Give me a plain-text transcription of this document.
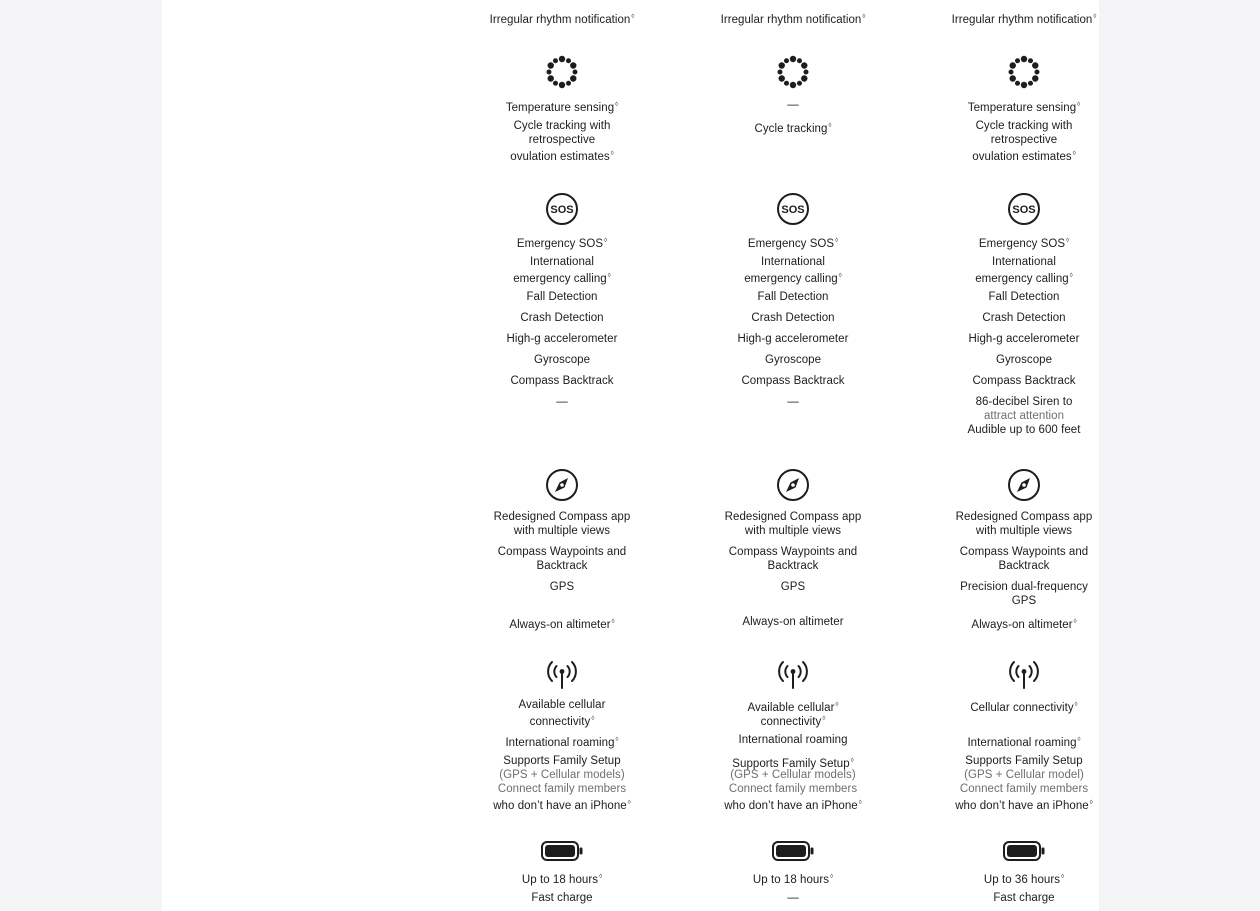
Irregular rhythm notification◊
Temperature sensing◊
Cycle tracking with
retrospective
ovulation estimates◊
Emergency SOS◊
International
emergency calling◊
Fall Detection
Crash Detection
High-g accelerometer
Gyroscope
Compass Backtrack
—
Redesigned Compass app
with multiple views
Compass Waypoints and
Backtrack
GPS
Always-on altimeter◊
Available cellular
connectivity◊
International roaming◊
Supports Family Setup
(GPS + Cellular models)
Connect family members
who don’t have an iPhone◊
Up to 18 hours◊
Fast charge
SOS
Irregular rhythm notification◊
—
Cycle tracking◊
Emergency SOS◊
International
emergency calling◊
Fall Detection
Crash Detection
High-g accelerometer
Gyroscope
Compass Backtrack
—
Redesigned Compass app
with multiple views
Compass Waypoints and
Backtrack
GPS
Always-on altimeter
Available cellular◊
connectivity◊
International roaming
Supports Family Setup◊
(GPS + Cellular models)
Connect family members
who don’t have an iPhone◊
Up to 18 hours◊
—
SOS
Irregular rhythm notification◊
Temperature sensing◊
Cycle tracking with
retrospective
ovulation estimates◊
Emergency SOS◊
International
emergency calling◊
Fall Detection
Crash Detection
High-g accelerometer
Gyroscope
Compass Backtrack
86-decibel Siren to
attract attention
Audible up to 600 feet
Redesigned Compass app
with multiple views
Compass Waypoints and
Backtrack
Precision dual-frequency
GPS
Always-on altimeter◊
Cellular connectivity◊
International roaming◊
Supports Family Setup
(GPS + Cellular model)
Connect family members
who don’t have an iPhone◊
Up to 36 hours◊
Fast charge
SOS
